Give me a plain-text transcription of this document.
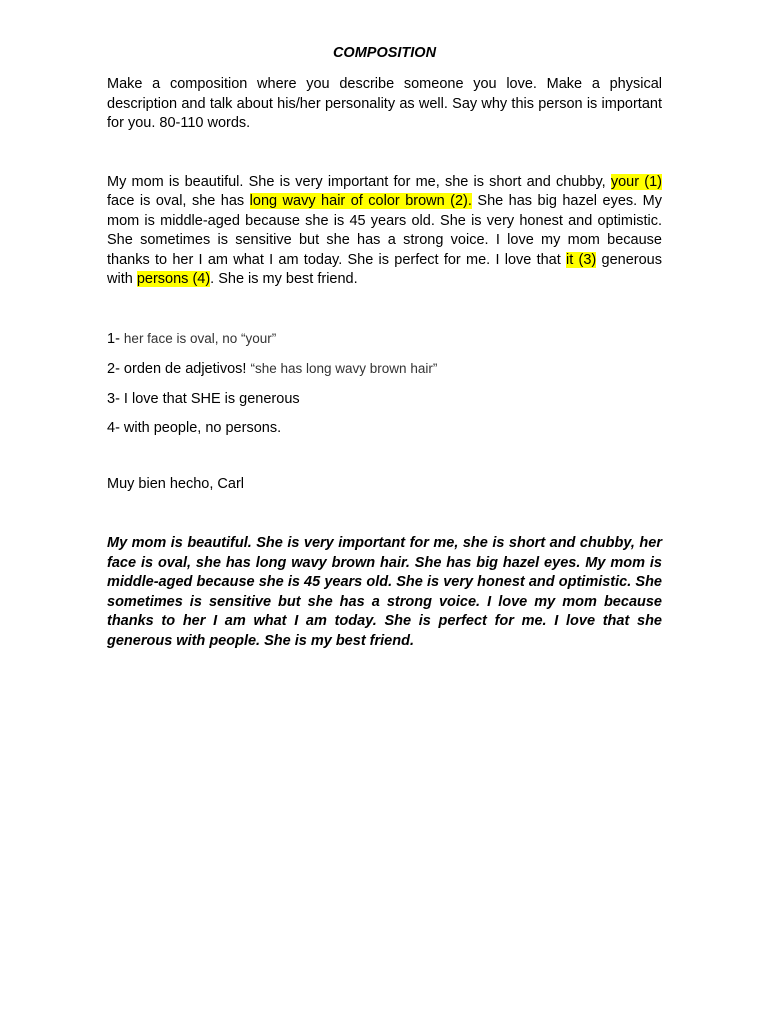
COMPOSITION

Make a composition where you describe someone you love. Make a physical description and talk about his/her personality as well. Say why this person is important for you. 80-110 words.

My mom is beautiful. She is very important for me, she is short and chubby, your (1) face is oval, she has long wavy hair of color brown (2). She has big hazel eyes. My mom is middle-aged because she is 45 years old. She is very honest and optimistic. She sometimes is sensitive but she has a strong voice. I love my mom because thanks to her I am what I am today. She is perfect for me. I love that it (3) generous with persons (4). She is my best friend.

1- her face is oval, no “your”
2- orden de adjetivos! “she has long wavy brown hair”
3- I love that SHE is generous
4- with people, no persons.

Muy bien hecho, Carl

My mom is beautiful. She is very important for me, she is short and chubby, her face is oval, she has long wavy brown hair. She has big hazel eyes. My mom is middle-aged because she is 45 years old. She is very honest and optimistic. She sometimes is sensitive but she has a strong voice. I love my mom because thanks to her I am what I am today. She is perfect for me. I love that she generous with people. She is my best friend.
